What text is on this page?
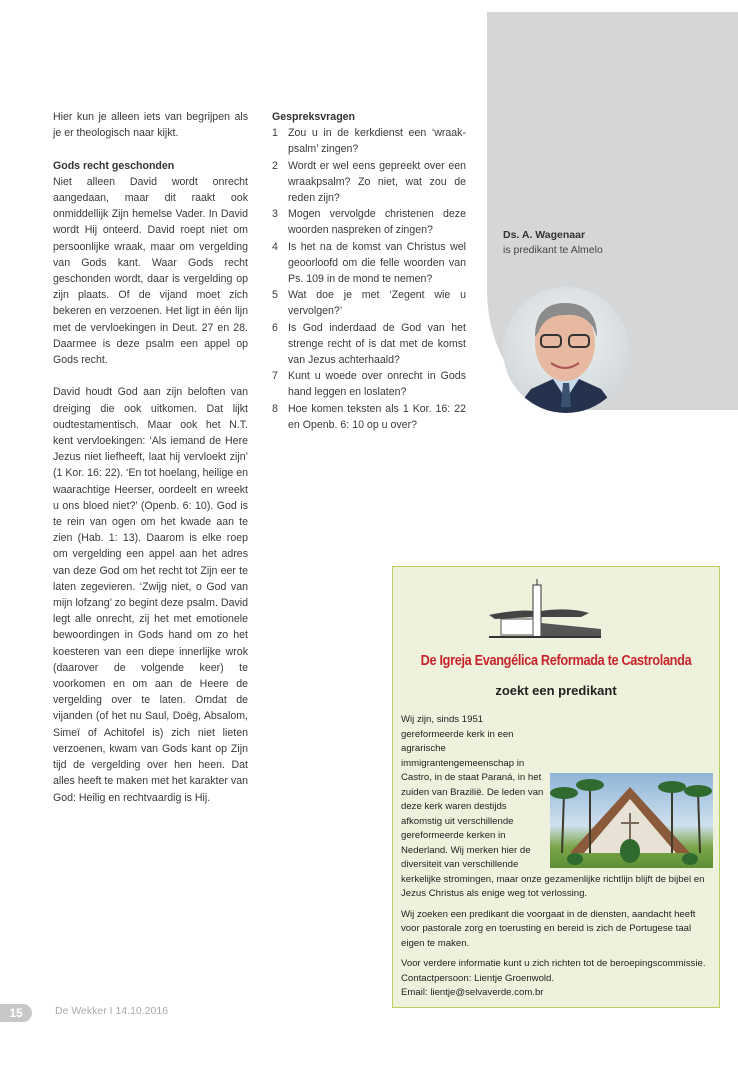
Ds. A. Wagenaar
is predikant te Almelo

Hier kun je alleen iets van begrijpen als je er theologisch naar kijkt.

Gods recht geschonden

Niet alleen David wordt onrecht aangedaan, maar dit raakt ook onmiddellijk Zijn hemelse Vader. In David wordt Hij onteerd. David roept niet om persoonlijke wraak, maar om vergelding van Gods kant. Waar Gods recht geschonden wordt, daar is vergelding op zijn plaats. Of de vijand moet zich bekeren en verzoenen. Het ligt in één lijn met de vervloekingen in Deut. 27 en 28. Daarmee is deze psalm een appel op Gods recht.

David houdt God aan zijn beloften van dreiging die ook uitkomen. Dat lijkt oudtestamentisch. Maar ook het N.T. kent vervloekingen: ‘Als iemand de Here Jezus niet liefheeft, laat hij vervloekt zijn’ (1 Kor. 16: 22). ‘En tot hoelang, heilige en waarachtige Heerser, oordeelt en wreekt u ons bloed niet?’ (Openb. 6: 10). God is te rein van ogen om het kwade aan te zien (Hab. 1: 13). Daarom is elke roep om vergelding een appel aan het adres van deze God om het recht tot Zijn eer te laten zegevieren. ‘Zwijg niet, o God van mijn lofzang’ zo begint deze psalm. David legt alle onrecht, zij het met emotionele bewoordingen in Gods hand om zo het koesteren van een diepe innerlijke wrok (daarover de volgende keer) te voorkomen en om aan de Heere de vergelding over te laten. Omdat de vijanden (of het nu Saul, Doëg, Absalom, Simeï of Achitofel is) zich niet lieten verzoenen, kwam van Gods kant op Zijn tijd de vergelding over hen heen. Dat alles heeft te maken met het karakter van God: Heilig en rechtvaardig is Hij.

Gespreksvragen
1 Zou u in de kerkdienst een ‘wraak-psalm’ zingen?
2 Wordt er wel eens gepreekt over een wraakpsalm? Zo niet, wat zou de reden zijn?
3 Mogen vervolgde christenen deze woorden naspreken of zingen?
4 Is het na de komst van Christus wel geoorloofd om die felle woorden van Ps. 109 in de mond te nemen?
5 Wat doe je met ‘Zegent wie u vervolgen?’
6 Is God inderdaad de God van het strenge recht of is dat met de komst van Jezus achterhaald?
7 Kunt u woede over onrecht in Gods hand leggen en loslaten?
8 Hoe komen teksten als 1 Kor. 16: 22 en Openb. 6: 10 op u over?
De Igreja Evangélica Reformada te Castrolanda
zoekt een predikant

Wij zijn, sinds 1951 gereformeerde kerk in een agrarische immigrantengemeenschap in Castro, in de staat Paraná, in het zuiden van Brazilië. De leden van deze kerk waren destijds afkomstig uit verschillende gereformeerde kerken in Nederland. Wij merken hier de diversiteit van verschillende kerkelijke stromingen, maar onze gezamenlijke richtlijn blijft de bijbel en Jezus Christus als enige weg tot verlossing.

Wij zoeken een predikant die voorgaat in de diensten, aandacht heeft voor pastorale zorg en toerusting en bereid is zich de Portugese taal eigen te maken.

Voor verdere informatie kunt u zich richten tot de beroepingscommissie.

Contactpersoon: Lientje Groenwold.
Email: lientje@selvaverde.com.br
15	De Wekker I 14.10.2016
